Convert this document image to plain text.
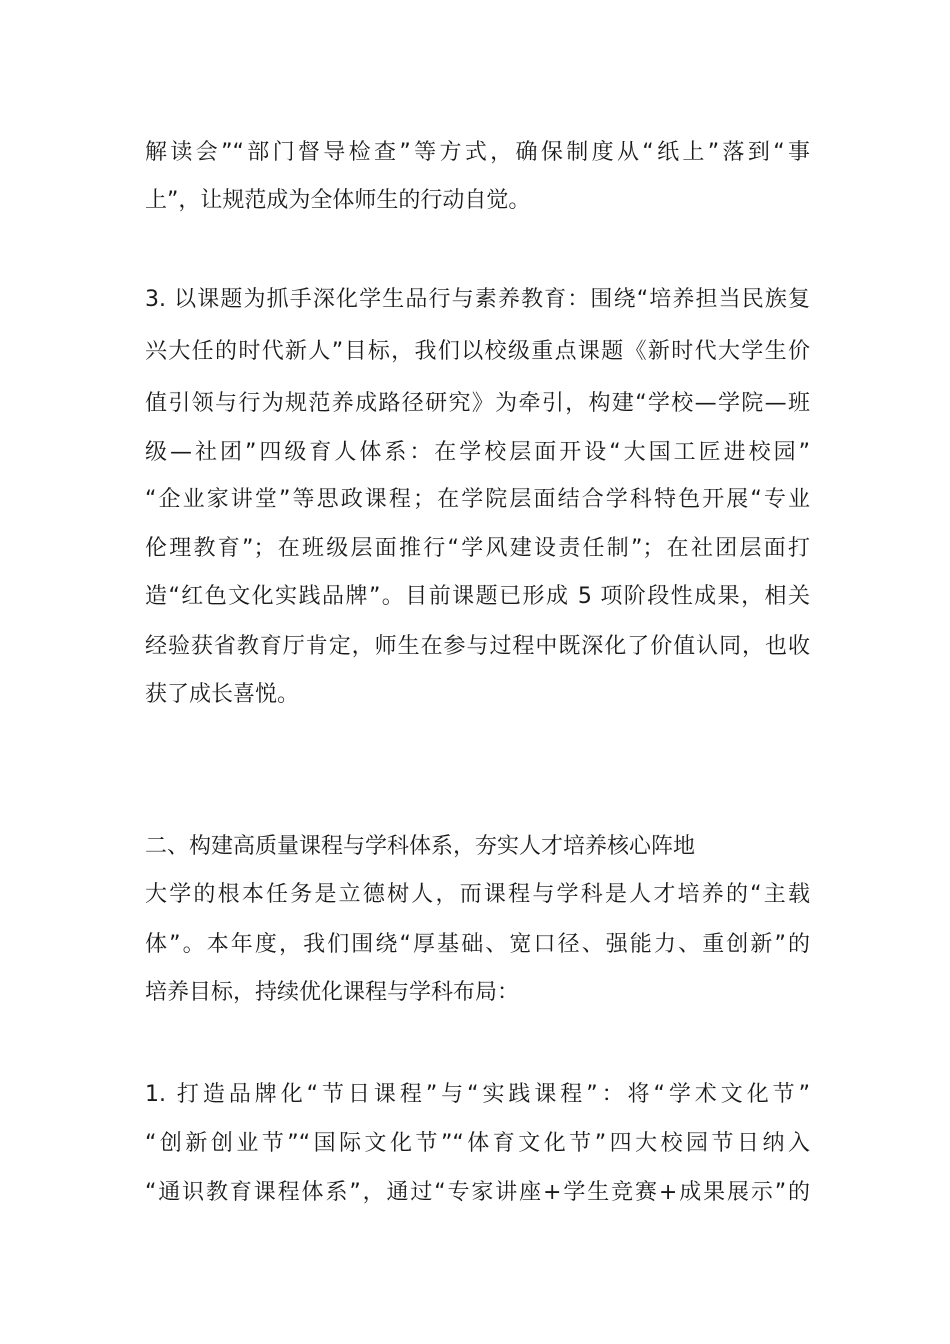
解读会”“部门督导检查”等方式，确保制度从“纸上”落到“事
上”，让规范成为全体师生的行动自觉。
3. 以课题为抓手深化学生品行与素养教育：围绕“培养担当民族复
兴大任的时代新人”目标，我们以校级重点课题《新时代大学生价
值引领与行为规范养成路径研究》为牵引，构建“学校—学院—班
级—社团”四级育人体系：在学校层面开设“大国工匠进校园”
“企业家讲堂”等思政课程；在学院层面结合学科特色开展“专业
伦理教育”；在班级层面推行“学风建设责任制”；在社团层面打
造“红色文化实践品牌”。目前课题已形成 5 项阶段性成果，相关
经验获省教育厅肯定，师生在参与过程中既深化了价值认同，也收
获了成长喜悦。
二、构建高质量课程与学科体系，夯实人才培养核心阵地
大学的根本任务是立德树人，而课程与学科是人才培养的“主载
体”。本年度，我们围绕“厚基础、宽口径、强能力、重创新”的
培养目标，持续优化课程与学科布局：
1. 打造品牌化“节日课程”与“实践课程”：将“学术文化节”
“创新创业节”“国际文化节”“体育文化节”四大校园节日纳入
“通识教育课程体系”，通过“专家讲座+学生竞赛+成果展示”的
